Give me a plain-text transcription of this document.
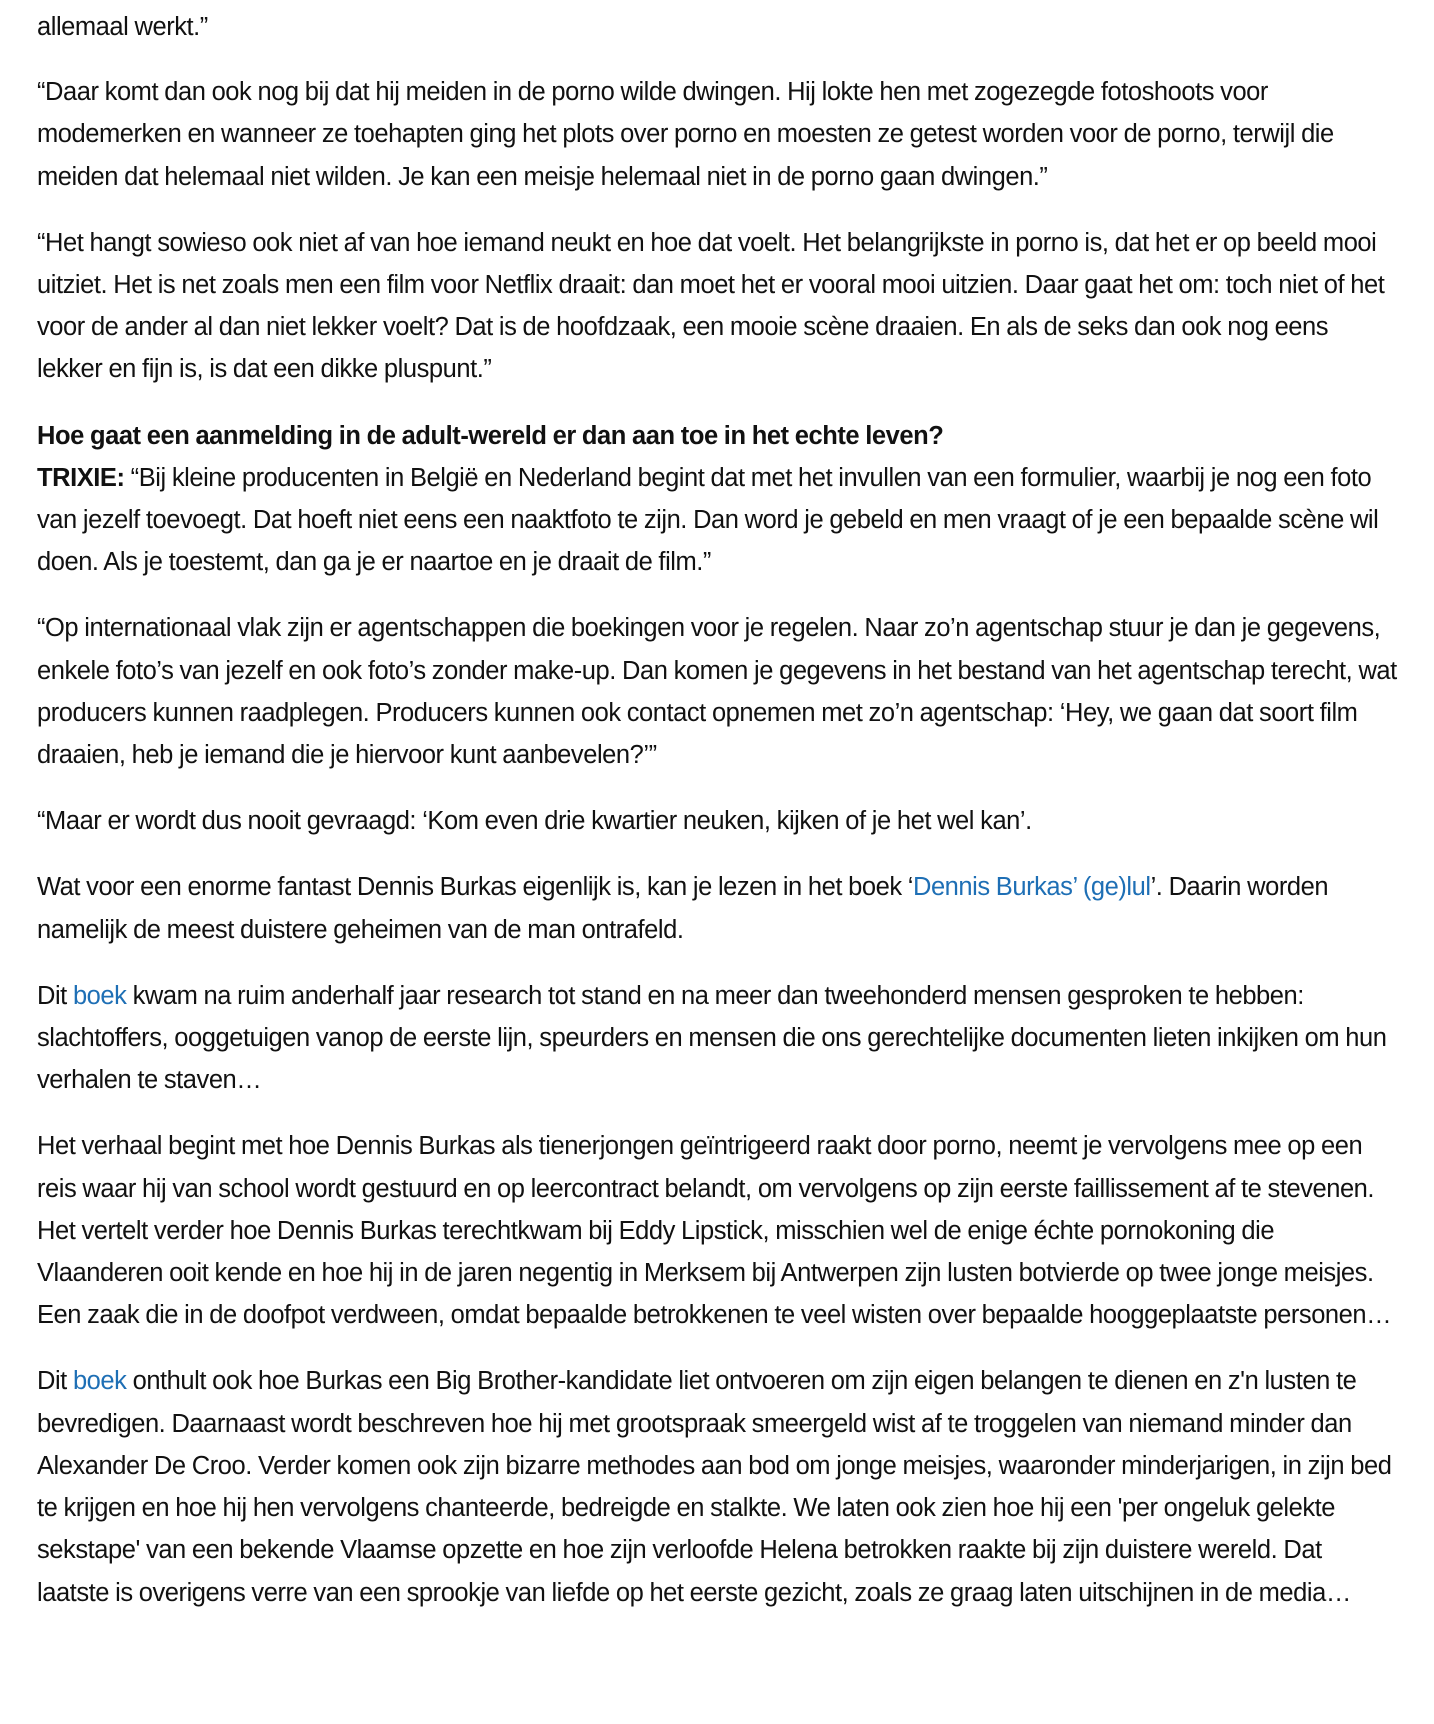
allemaal werkt.”

“Daar komt dan ook nog bij dat hij meiden in de porno wilde dwingen. Hij lokte hen met zogezegde fotoshoots voor modemerken en wanneer ze toehapten ging het plots over porno en moesten ze getest worden voor de porno, terwijl die meiden dat helemaal niet wilden. Je kan een meisje helemaal niet in de porno gaan dwingen.”

“Het hangt sowieso ook niet af van hoe iemand neukt en hoe dat voelt. Het belangrijkste in porno is, dat het er op beeld mooi uitziet. Het is net zoals men een film voor Netflix draait: dan moet het er vooral mooi uitzien. Daar gaat het om: toch niet of het voor de ander al dan niet lekker voelt? Dat is de hoofdzaak, een mooie scène draaien. En als de seks dan ook nog eens lekker en fijn is, is dat een dikke pluspunt.”

Hoe gaat een aanmelding in de adult-wereld er dan aan toe in het echte leven?
TRIXIE: “Bij kleine producenten in België en Nederland begint dat met het invullen van een formulier, waarbij je nog een foto van jezelf toevoegt. Dat hoeft niet eens een naaktfoto te zijn. Dan word je gebeld en men vraagt of je een bepaalde scène wil doen. Als je toestemt, dan ga je er naartoe en je draait de film.”

“Op internationaal vlak zijn er agentschappen die boekingen voor je regelen. Naar zo’n agentschap stuur je dan je gegevens, enkele foto’s van jezelf en ook foto’s zonder make-up. Dan komen je gegevens in het bestand van het agentschap terecht, wat producers kunnen raadplegen. Producers kunnen ook contact opnemen met zo’n agentschap: ‘Hey, we gaan dat soort film draaien, heb je iemand die je hiervoor kunt aanbevelen?’”

“Maar er wordt dus nooit gevraagd: ‘Kom even drie kwartier neuken, kijken of je het wel kan’.

Wat voor een enorme fantast Dennis Burkas eigenlijk is, kan je lezen in het boek ‘Dennis Burkas’ (ge)lul’. Daarin worden namelijk de meest duistere geheimen van de man ontrafeld.

Dit boek kwam na ruim anderhalf jaar research tot stand en na meer dan tweehonderd mensen gesproken te hebben: slachtoffers, ooggetuigen vanop de eerste lijn, speurders en mensen die ons gerechtelijke documenten lieten inkijken om hun verhalen te staven…

Het verhaal begint met hoe Dennis Burkas als tienerjongen geïntrigeerd raakt door porno, neemt je vervolgens mee op een reis waar hij van school wordt gestuurd en op leercontract belandt, om vervolgens op zijn eerste faillissement af te stevenen. Het vertelt verder hoe Dennis Burkas terechtkwam bij Eddy Lipstick, misschien wel de enige échte pornokoning die Vlaanderen ooit kende en hoe hij in de jaren negentig in Merksem bij Antwerpen zijn lusten botvierde op twee jonge meisjes. Een zaak die in de doofpot verdween, omdat bepaalde betrokkenen te veel wisten over bepaalde hooggeplaatste personen…

Dit boek onthult ook hoe Burkas een Big Brother-kandidate liet ontvoeren om zijn eigen belangen te dienen en z'n lusten te bevredigen. Daarnaast wordt beschreven hoe hij met grootspraak smeergeld wist af te troggelen van niemand minder dan Alexander De Croo. Verder komen ook zijn bizarre methodes aan bod om jonge meisjes, waaronder minderjarigen, in zijn bed te krijgen en hoe hij hen vervolgens chanteerde, bedreigde en stalkte. We laten ook zien hoe hij een 'per ongeluk gelekte sekstape' van een bekende Vlaamse opzette en hoe zijn verloofde Helena betrokken raakte bij zijn duistere wereld. Dat laatste is overigens verre van een sprookje van liefde op het eerste gezicht, zoals ze graag laten uitschijnen in de media…
